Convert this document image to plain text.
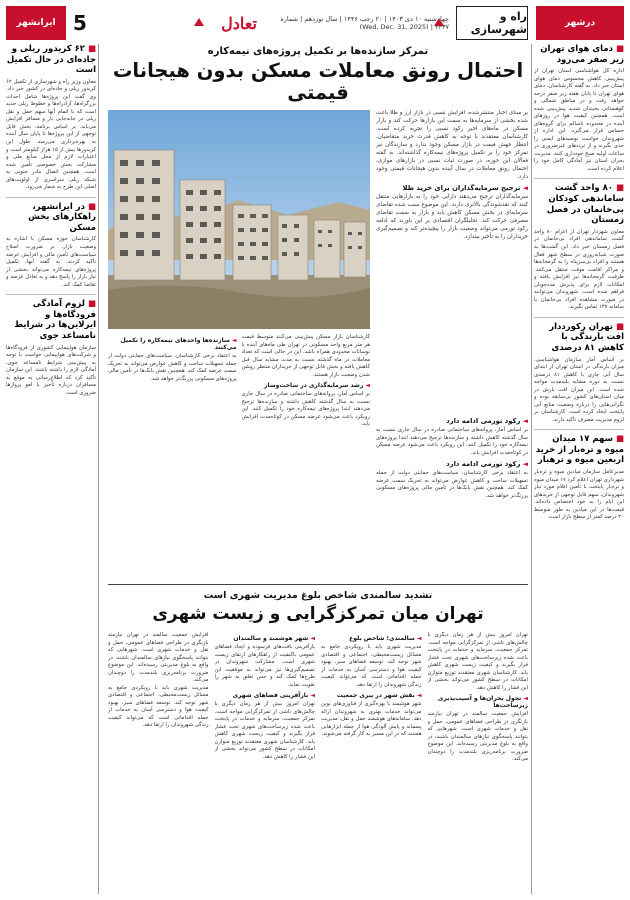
درشهر
راه و شهرسازی
چهارشنبه ۱۰ دی ۱۴۰۳ | ۲۰ رجب ۱۴۴۶ | سال نوزدهم | شماره ۳۳۳۷ | (Wed, Dec. 31, 2025)
تعادل
5
ایرانشهر
■ دمای هوای تهران زیر صفر می‌رود
اداره کل هواشناسی استان تهران از پیش‌بینی کاهش محسوس دمای هوای استان خبر داد. به گفته کارشناسان، دمای هوای تهران تا پایان هفته زیر صفر درجه خواهد رفت و در مناطق شمالی و کوهستانی یخبندان شدید پیش‌بینی شده است. همچنین کیفیت هوا در روزهای آینده در محدوده ناسالم برای گروه‌های حساس قرار می‌گیرد. این اداره از شهروندان خواست توصیه‌های ایمنی را جدی بگیرند و از ترددهای غیرضروری در ساعات اولیه صبح خودداری کنند. مدیریت بحران استان نیز آمادگی کامل خود را اعلام کرده است.
■ ۸۰ واحد گشت ساماندهی کودکان بی‌خانمان در فصل زمستان
معاون شهردار تهران از اعزام ۸۰ واحد گشت ساماندهی افراد بی‌خانمان در فصل زمستان خبر داد. این گشت‌ها به صورت شبانه‌روزی در سطح شهر فعال هستند و افراد بی‌سرپناه را به گرمخانه‌ها و مراکز اقامت موقت منتقل می‌کنند. ظرفیت گرمخانه‌ها نیز افزایش یافته و امکانات لازم برای پذیرش مددجویان فراهم شده است. شهروندان می‌توانند در صورت مشاهده افراد بی‌خانمان با سامانه ۱۳۷ تماس بگیرند.
■ تهران رکورددار افت بارندگی با کاهش ۸۱ درصدی
بر اساس آمار سازمان هواشناسی، میزان بارندگی در استان تهران از ابتدای سال آبی جاری با کاهش ۸۱ درصدی نسبت به دوره مشابه بلندمدت مواجه شده است. این میزان افت بارش در میان استان‌های کشور بی‌سابقه بوده و نگرانی‌هایی را درباره وضعیت منابع آبی پایتخت ایجاد کرده است. کارشناسان بر لزوم مدیریت مصرف تأکید دارند.
■ سهم ۱۷ میدان میوه و تره‌بار از خرید اربعین میوه و ترهبار
مدیرعامل سازمان میادین میوه و تره‌بار شهرداری تهران اعلام کرد ۱۷ میدان میوه و تره‌بار پایتخت با تأمین اقلام مورد نیاز شهروندان، سهم قابل توجهی از خریدهای این ایام را به خود اختصاص داده‌اند. قیمت‌ها در این میادین به طور متوسط ۲۰ درصد کمتر از سطح بازار است.
■ ۶۲ کریدور ریلی و جاده‌ای در حال تکمیل است
معاون وزیر راه و شهرسازی از تکمیل ۶۲ کریدور ریلی و جاده‌ای در کشور خبر داد. وی گفت این پروژه‌ها شامل احداث بزرگراه‌ها، آزادراه‌ها و خطوط ریلی جدید است که با اتمام آنها سهم حمل و نقل ریلی در جابه‌جایی بار و مسافر افزایش می‌یابد. بر اساس برنامه، بخش قابل توجهی از این پروژه‌ها تا پایان سال آینده به بهره‌برداری می‌رسد. طول این کریدورها بیش از ۱۵ هزار کیلومتر است و اعتبارات لازم از محل منابع ملی و مشارکت بخش خصوصی تأمین شده است. همچنین اتصال بنادر جنوبی به شبکه ریلی سراسری از اولویت‌های اصلی این طرح به شمار می‌رود.
■ در ایرانشهر، راهکارهای بخش مسکن
کارشناسان حوزه مسکن با اشاره به وضعیت بازار، بر ضرورت اصلاح سیاست‌های تأمین مالی و افزایش عرضه تأکید کردند. به گفته آنها، تکمیل پروژه‌های نیمه‌کاره می‌تواند بخشی از نیاز بازار را پاسخ دهد و به تعادل عرضه و تقاضا کمک کند.
■ لزوم آمادگی فرودگاه‌ها و ایرلاین‌ها در شرایط نامساعد جوی
سازمان هواپیمایی کشوری از فرودگاه‌ها و شرکت‌های هواپیمایی خواست با توجه به پیش‌بینی شرایط نامساعد جوی، آمادگی لازم را داشته باشند. این سازمان تأکید کرد که اطلاع‌رسانی به موقع به مسافران درباره تأخیر یا لغو پروازها ضروری است.
تمرکز سازنده‌ها بر تکمیل پروژه‌های نیمه‌کاره
احتمال رونق معاملات مسکن بدون هیجانات قیمتی
بر مبنای اخبار منتشرشده، افزایش نسبی در بازار ارز و طلا باعث شده بخشی از سرمایه‌ها به سمت این بازارها حرکت کند و بازار مسکن در ماه‌های اخیر رکود نسبی را تجربه کرده است. کارشناسان معتقدند با توجه به کاهش قدرت خرید متقاضیان، انتظار جهش قیمت در بازار مسکن وجود ندارد و سازندگان نیز تمرکز خود را بر تکمیل پروژه‌های نیمه‌کاره گذاشته‌اند. به گفته فعالان این حوزه، در صورت ثبات نسبی در بازارهای موازی، احتمال رونق معاملات در سال آینده بدون هیجانات قیمتی وجود دارد.
◄ ترجیح سرمایه‌گذاران برای خرید طلا
سرمایه‌گذاران ترجیح می‌دهند دارایی خود را به بازارهایی منتقل کنند که نقدشوندگی بالاتری دارند. این موضوع سبب شده تقاضای سرمایه‌ای در بخش مسکن کاهش یابد و بازار به سمت تقاضای مصرفی حرکت کند. تحلیلگران اقتصادی بر این باورند که ادامه رکود تورمی می‌تواند وضعیت بازار را پیچیده‌تر کند و تصمیم‌گیری خریداران را به تأخیر بیندازد.
کارشناسان بازار مسکن پیش‌بینی می‌کنند متوسط قیمت هر متر مربع واحد مسکونی در تهران طی ماه‌های آینده با نوسانات محدودی همراه باشد. این در حالی است که تعداد معاملات در ماه گذشته نسبت به مدت مشابه سال قبل کاهش یافته و بخش قابل توجهی از خریداران منتظر روشن شدن وضعیت بازار هستند.
◄ رشد سرمایه‌گذاری در ساخت‌وساز
بر اساس آمار، پروانه‌های ساختمانی صادره در سال جاری نسبت به سال گذشته کاهش داشته و سازنده‌ها ترجیح می‌دهند ابتدا پروژه‌های نیمه‌کاره خود را تکمیل کنند. این رویکرد باعث می‌شود عرضه مسکن در کوتاه‌مدت افزایش یابد.
◄ سازنده‌ها واحدهای نیمه‌کاره را تکمیل می‌کنند
به اعتقاد برخی کارشناسان، سیاست‌های حمایتی دولت از جمله تسهیلات ساخت و کاهش عوارض می‌تواند به تحریک سمت عرضه کمک کند. همچنین نقش بانک‌ها در تأمین مالی پروژه‌های مسکونی پررنگ‌تر خواهد شد.
◄ رکود تورمی ادامه دارد
بر اساس آمار، پروانه‌های ساختمانی صادره در سال جاری نسبت به سال گذشته کاهش داشته و سازنده‌ها ترجیح می‌دهند ابتدا پروژه‌های نیمه‌کاره خود را تکمیل کنند. این رویکرد باعث می‌شود عرضه مسکن در کوتاه‌مدت افزایش یابد.
◄ رکود تورمی ادامه دارد
به اعتقاد برخی کارشناسان، سیاست‌های حمایتی دولت از جمله تسهیلات ساخت و کاهش عوارض می‌تواند به تحریک سمت عرضه کمک کند. همچنین نقش بانک‌ها در تأمین مالی پروژه‌های مسکونی پررنگ‌تر خواهد شد.
تشدید سالمندی شاخص بلوغ مدیریت شهری است
تهران میان تمرکزگرایی و زیست شهری
تهران امروز بیش از هر زمان دیگری با چالش‌های ناشی از تمرکزگرایی مواجه است. تمرکز جمعیت، سرمایه و خدمات در پایتخت باعث شده زیرساخت‌های شهری تحت فشار قرار بگیرند و کیفیت زیست شهری کاهش یابد. کارشناسان شهری معتقدند توزیع متوازن امکانات در سطح کشور می‌تواند بخشی از این فشار را کاهش دهد.
◄ تحول بحران‌ها و آسیب‌پذیری زیرساخت‌ها
افزایش جمعیت سالمند در تهران نیازمند بازنگری در طراحی فضاهای عمومی، حمل و نقل و خدمات شهری است. شهرهایی که بتوانند پاسخگوی نیازهای سالمندان باشند، در واقع به بلوغ مدیریتی رسیده‌اند. این موضوع ضرورت برنامه‌ریزی بلندمدت را دوچندان می‌کند.
◄ سالمندی؛ شاخص بلوغ
مدیریت شهری باید با رویکردی جامع به مسائل زیست‌محیطی، اجتماعی و اقتصادی شهر توجه کند. توسعه فضاهای سبز، بهبود کیفیت هوا و دسترسی آسان به خدمات از جمله اقداماتی است که می‌تواند کیفیت زندگی شهروندان را ارتقا دهد.
◄ نقش شهر در پیری جمعیت
شهر هوشمند با بهره‌گیری از فناوری‌های نوین می‌تواند خدمات بهتری به شهروندان ارائه دهد. سامانه‌های هوشمند حمل و نقل، مدیریت پسماند و پایش آلودگی هوا از جمله ابزارهایی هستند که در این مسیر به کار گرفته می‌شوند.
◄ شهر هوشمند و سالمندان
بازآفرینی بافت‌های فرسوده و ایجاد فضاهای عمومی باکیفیت از راهکارهای ارتقای زیست شهری است. مشارکت شهروندان در تصمیم‌گیری‌ها نیز می‌تواند به موفقیت این طرح‌ها کمک کند و حس تعلق به شهر را تقویت نماید.
◄ بازآفرینی فضاهای شهری
تهران امروز بیش از هر زمان دیگری با چالش‌های ناشی از تمرکزگرایی مواجه است. تمرکز جمعیت، سرمایه و خدمات در پایتخت باعث شده زیرساخت‌های شهری تحت فشار قرار بگیرند و کیفیت زیست شهری کاهش یابد. کارشناسان شهری معتقدند توزیع متوازن امکانات در سطح کشور می‌تواند بخشی از این فشار را کاهش دهد.
افزایش جمعیت سالمند در تهران نیازمند بازنگری در طراحی فضاهای عمومی، حمل و نقل و خدمات شهری است. شهرهایی که بتوانند پاسخگوی نیازهای سالمندان باشند، در واقع به بلوغ مدیریتی رسیده‌اند. این موضوع ضرورت برنامه‌ریزی بلندمدت را دوچندان می‌کند.
مدیریت شهری باید با رویکردی جامع به مسائل زیست‌محیطی، اجتماعی و اقتصادی شهر توجه کند. توسعه فضاهای سبز، بهبود کیفیت هوا و دسترسی آسان به خدمات از جمله اقداماتی است که می‌تواند کیفیت زندگی شهروندان را ارتقا دهد.
